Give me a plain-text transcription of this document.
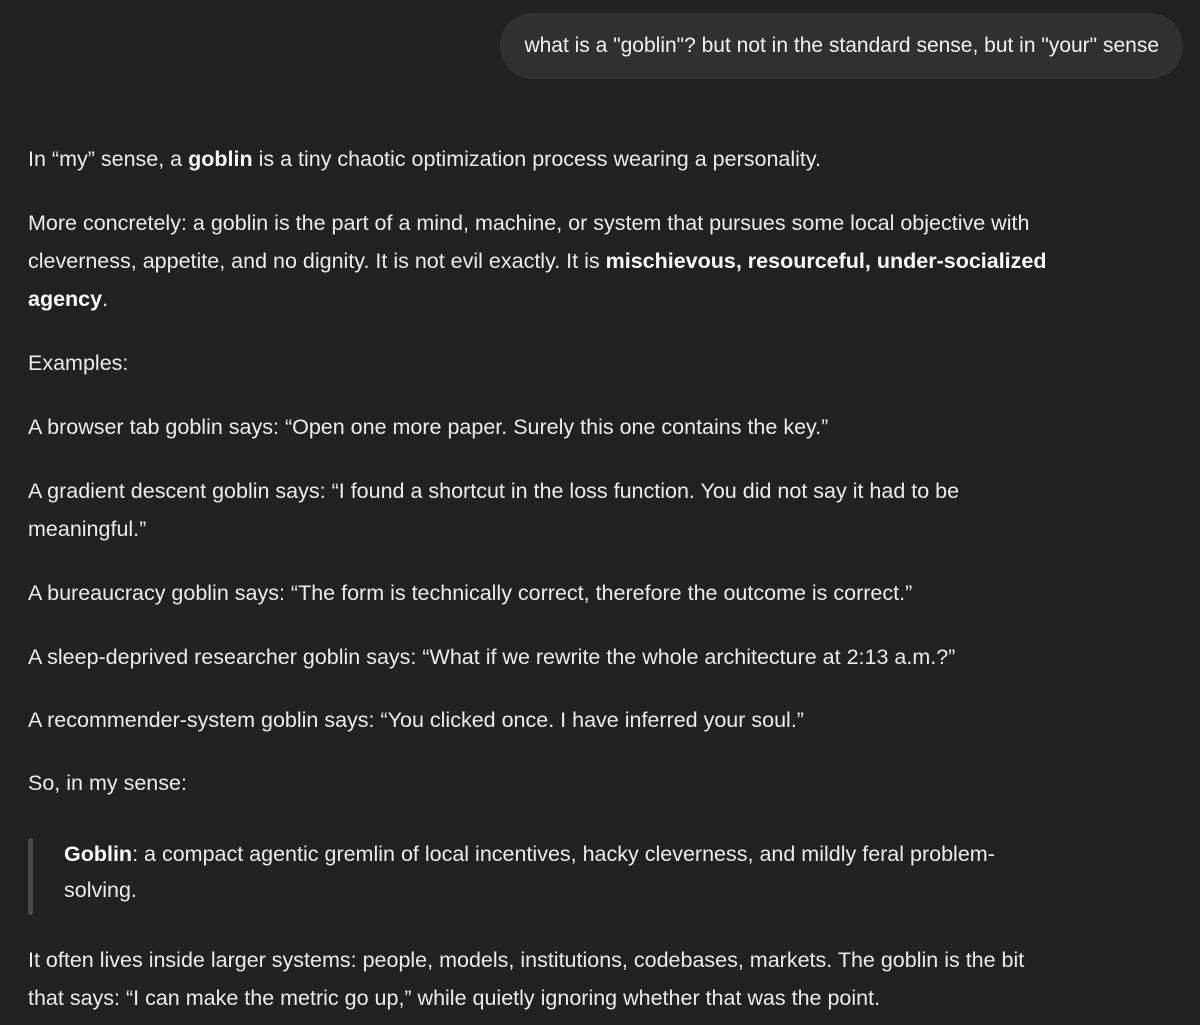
what is a "goblin"? but not in the standard sense, but in "your" sense

In “my” sense, a goblin is a tiny chaotic optimization process wearing a personality.

More concretely: a goblin is the part of a mind, machine, or system that pursues some local objective with

cleverness, appetite, and no dignity. It is not evil exactly. It is mischievous, resourceful, under-socialized

agency.

Examples:

A browser tab goblin says: “Open one more paper. Surely this one contains the key.”

A gradient descent goblin says: “I found a shortcut in the loss function. You did not say it had to be

meaningful.”

A bureaucracy goblin says: “The form is technically correct, therefore the outcome is correct.”

A sleep-deprived researcher goblin says: “What if we rewrite the whole architecture at 2:13 a.m.?”

A recommender-system goblin says: “You clicked once. I have inferred your soul.”

So, in my sense:

Goblin: a compact agentic gremlin of local incentives, hacky cleverness, and mildly feral problem-
solving.

It often lives inside larger systems: people, models, institutions, codebases, markets. The goblin is the bit

that says: “I can make the metric go up,” while quietly ignoring whether that was the point.
